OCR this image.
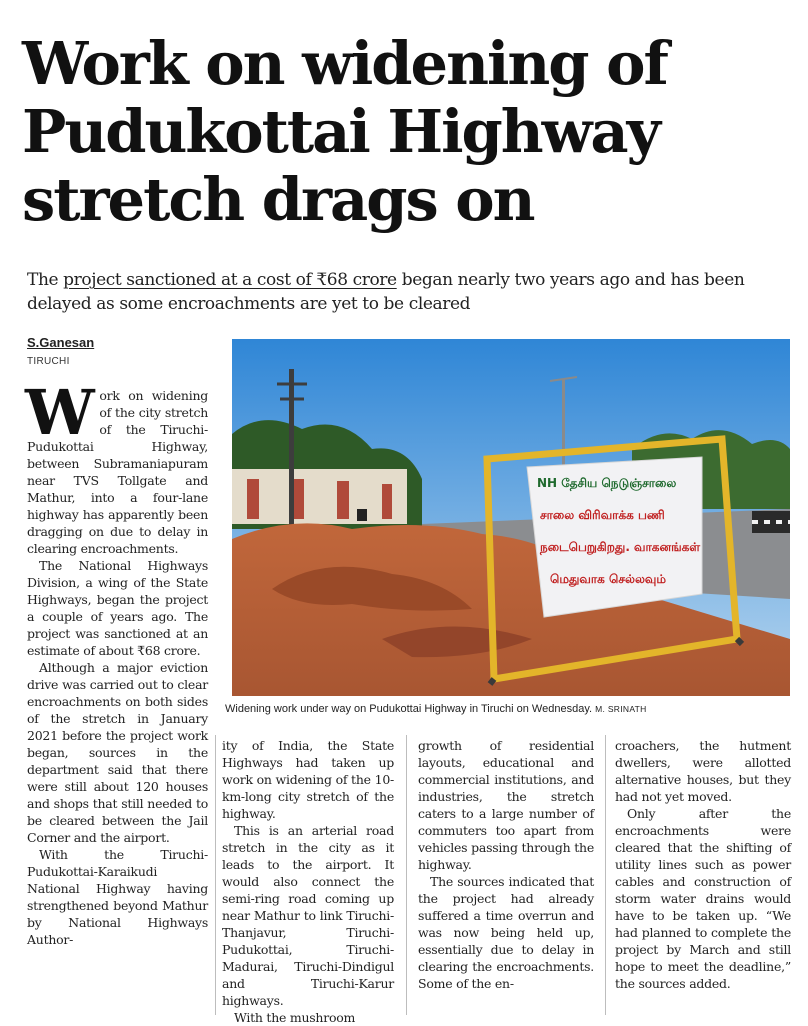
Work on widening of
Pudukottai Highway
stretch drags on

The project sanctioned at a cost of ₹68 crore began nearly two years ago and has been delayed as some encroachments are yet to be cleared

S.Ganesan
TIRUCHI

Work on widening of the city stretch of the Tiruchi-Pudukottai Highway, between Subramaniapuram near TVS Tollgate and Mathur, into a four-lane highway has apparently been dragging on due to delay in clearing encroachments.

The National Highways Division, a wing of the State Highways, began the project a couple of years ago. The project was sanctioned at an estimate of about ₹68 crore.

Although a major eviction drive was carried out to clear encroachments on both sides of the stretch in January 2021 before the project work began, sources in the department said that there were still about 120 houses and shops that still needed to be cleared between the Jail Corner and the airport.

With the Tiruchi-Pudukottai-Karaikudi National Highway having strengthened beyond Mathur by National Highways Author-

NH தேசிய நெடுஞ்சாலை
சாலை விரிவாக்க பணி
நடைபெறுகிறது. வாகனங்கள்
மெதுவாக செல்லவும்
Widening work under way on Pudukottai Highway in Tiruchi on Wednesday. M. SRINATH

ity of India, the State Highways had taken up work on widening of the 10-km-long city stretch of the highway.

This is an arterial road stretch in the city as it leads to the airport. It would also connect the semi-ring road coming up near Mathur to link Tiruchi-Thanjavur, Tiruchi-Pudukottai, Tiruchi-Madurai, Tiruchi-Dindigul and Tiruchi-Karur highways.

With the mushroom

growth of residential layouts, educational and commercial institutions, and industries, the stretch caters to a large number of commuters too apart from vehicles passing through the highway.

The sources indicated that the project had already suffered a time overrun and was now being held up, essentially due to delay in clearing the encroachments. Some of the en-

croachers, the hutment dwellers, were allotted alternative houses, but they had not yet moved.

Only after the encroachments were cleared that the shifting of utility lines such as power cables and construction of storm water drains would have to be taken up. “We had planned to complete the project by March and still hope to meet the deadline,” the sources added.
